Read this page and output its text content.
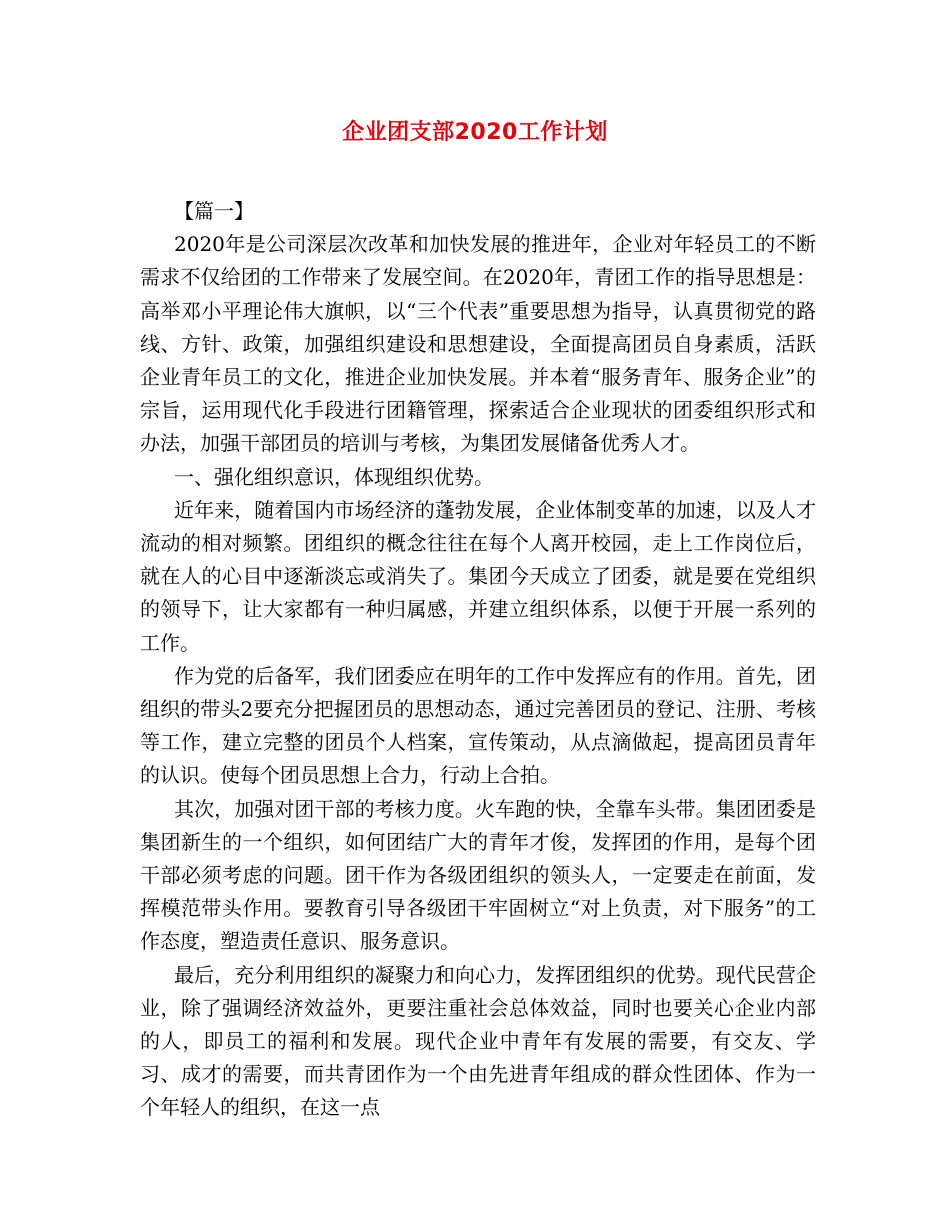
企业团支部2020工作计划

【篇一】

2020年是公司深层次改革和加快发展的推进年，企业对年轻员工的不断需求不仅给团的工作带来了发展空间。在2020年，青团工作的指导思想是：高举邓小平理论伟大旗帜，以“三个代表”重要思想为指导，认真贯彻党的路线、方针、政策，加强组织建设和思想建设，全面提高团员自身素质，活跃企业青年员工的文化，推进企业加快发展。并本着“服务青年、服务企业”的宗旨，运用现代化手段进行团籍管理，探索适合企业现状的团委组织形式和办法，加强干部团员的培训与考核，为集团发展储备优秀人才。

一、强化组织意识，体现组织优势。

近年来，随着国内市场经济的蓬勃发展，企业体制变革的加速，以及人才流动的相对频繁。团组织的概念往往在每个人离开校园，走上工作岗位后，就在人的心目中逐渐淡忘或消失了。集团今天成立了团委，就是要在党组织的领导下，让大家都有一种归属感，并建立组织体系，以便于开展一系列的工作。

作为党的后备军，我们团委应在明年的工作中发挥应有的作用。首先，团组织的带头2要充分把握团员的思想动态，通过完善团员的登记、注册、考核等工作，建立完整的团员个人档案，宣传策动，从点滴做起，提高团员青年的认识。使每个团员思想上合力，行动上合拍。

其次，加强对团干部的考核力度。火车跑的快，全靠车头带。集团团委是集团新生的一个组织，如何团结广大的青年才俊，发挥团的作用，是每个团干部必须考虑的问题。团干作为各级团组织的领头人，一定要走在前面，发挥模范带头作用。要教育引导各级团干牢固树立“对上负责，对下服务”的工作态度，塑造责任意识、服务意识。

最后，充分利用组织的凝聚力和向心力，发挥团组织的优势。现代民营企业，除了强调经济效益外，更要注重社会总体效益，同时也要关心企业内部的人，即员工的福利和发展。现代企业中青年有发展的需要，有交友、学习、成才的需要，而共青团作为一个由先进青年组成的群众性团体、作为一个年轻人的组织，在这一点
